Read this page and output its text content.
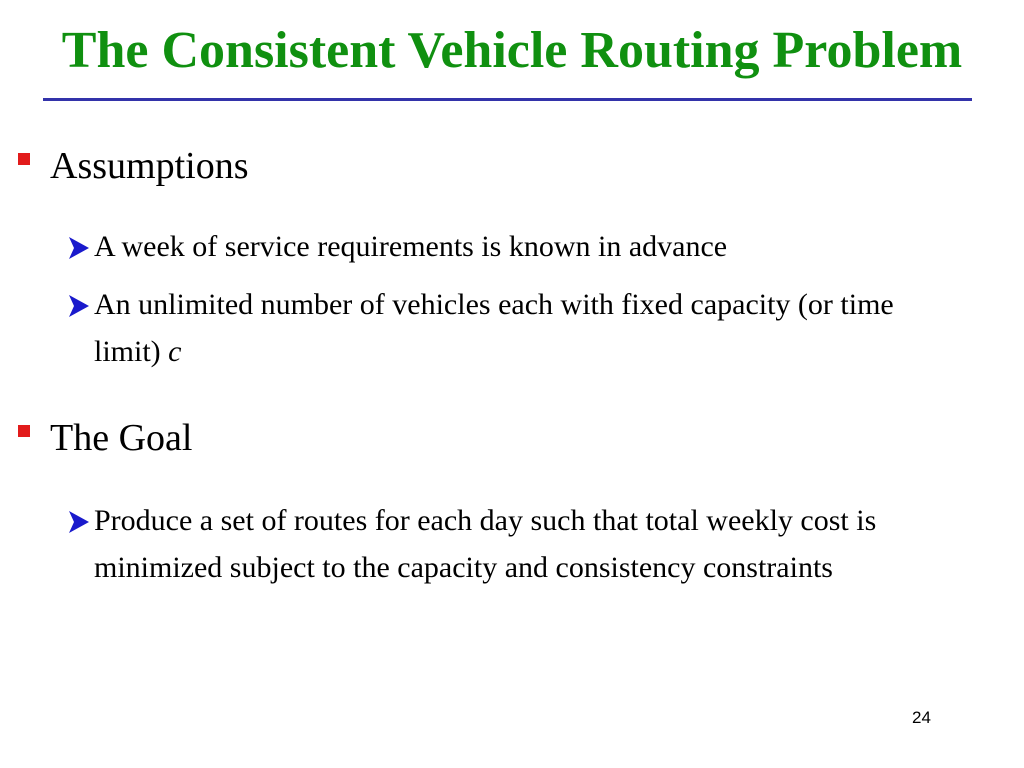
The Consistent Vehicle Routing Problem
Assumptions
A week of service requirements is known in advance
An unlimited number of vehicles each with fixed capacity (or time limit) c
The Goal
Produce a set of routes for each day such that total weekly cost is minimized subject to the capacity and consistency constraints
24
